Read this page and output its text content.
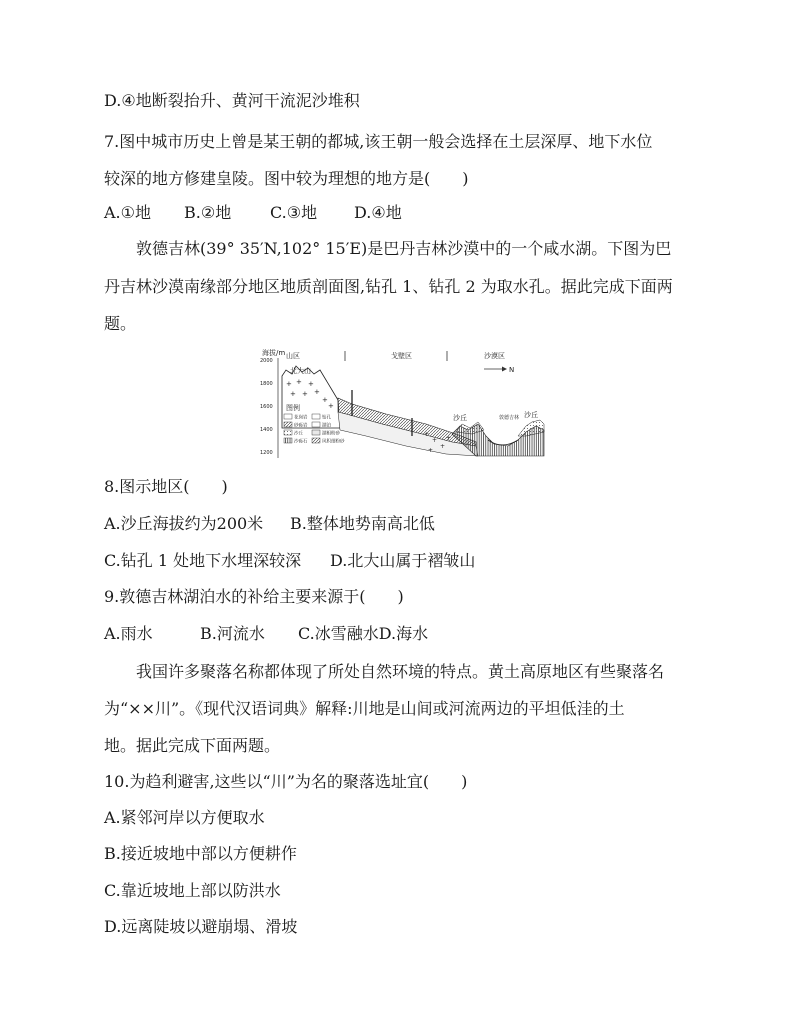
D.④地断裂抬升、黄河干流泥沙堆积
7.图中城市历史上曾是某王朝的都城,该王朝一般会选择在土层深厚、地下水位
较深的地方修建皇陵。图中较为理想的地方是(　　)
A.①地 B.②地 C.③地 D.④地
敦德吉林(39° 35′N,102° 15′E)是巴丹吉林沙漠中的一个咸水湖。下图为巴
丹吉林沙漠南缘部分地区地质剖面图,钻孔 1、钻孔 2 为取水孔。据此完成下面两
题。
海拔/m
2000
1800
1600
1400
1200
山区	戈壁区	沙漠区
N
北大山
+ + +
+ + +
+
+
+
+
+
+
+
沙丘	沙丘
敦德吉林
图例
花岗岩	钻孔
砂砾岩	湖泊
沙丘	湖相粉砂
沙砾石	风积细粉砂
8.图示地区(　　)
A.沙丘海拔约为200米 B.整体地势南高北低
C.钻孔 1 处地下水埋深较深 D.北大山属于褶皱山
9.敦德吉林湖泊水的补给主要来源于(　　)
A.雨水	B.河流水 C.冰雪融水D.海水
我国许多聚落名称都体现了所处自然环境的特点。黄土高原地区有些聚落名
为“××川”。《现代汉语词典》解释:川地是山间或河流两边的平坦低洼的土
地。据此完成下面两题。
10.为趋利避害,这些以“川”为名的聚落选址宜(　　)
A.紧邻河岸以方便取水
B.接近坡地中部以方便耕作
C.靠近坡地上部以防洪水
D.远离陡坡以避崩塌、滑坡
